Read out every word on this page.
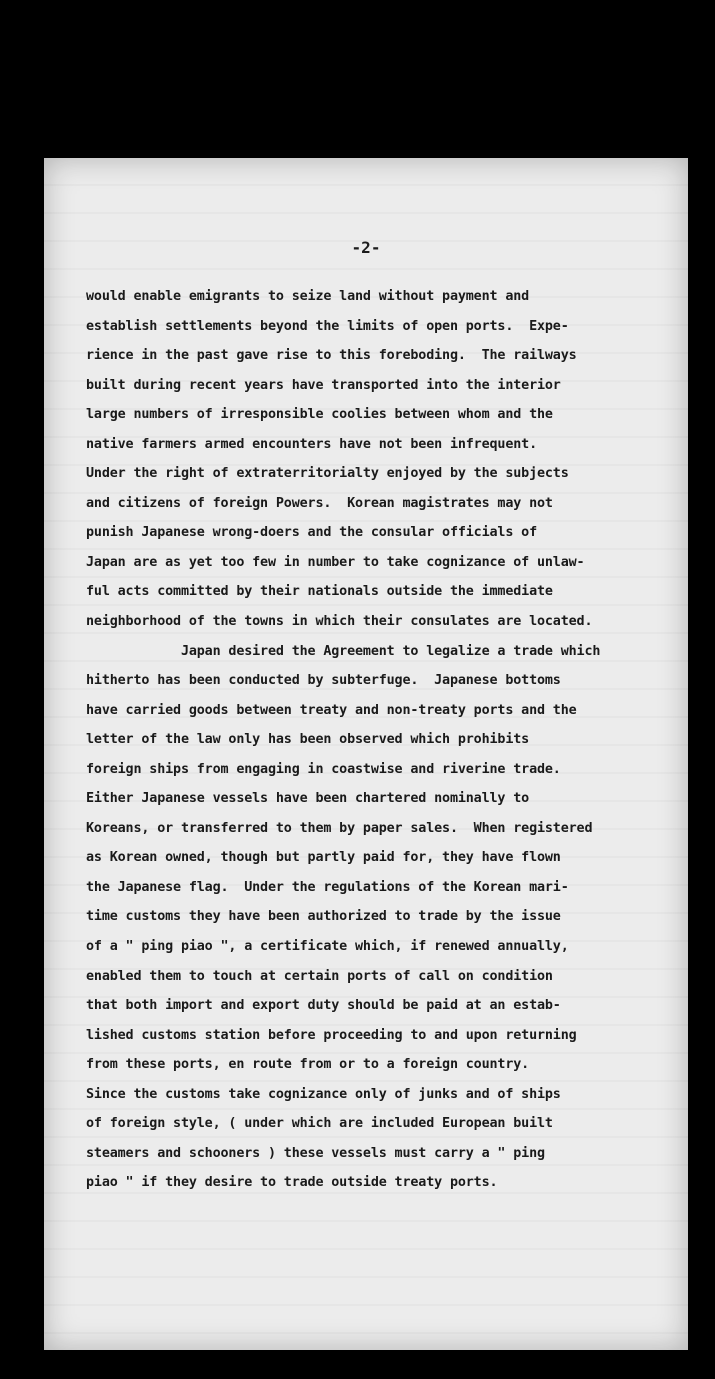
-2-
would enable emigrants to seize land without payment and
establish settlements beyond the limits of open ports.  Expe-
rience in the past gave rise to this foreboding.  The railways
built during recent years have transported into the interior
large numbers of irresponsible coolies between whom and the
native farmers armed encounters have not been infrequent.
Under the right of extraterritorialty enjoyed by the subjects
and citizens of foreign Powers.  Korean magistrates may not
punish Japanese wrong-doers and the consular officials of
Japan are as yet too few in number to take cognizance of unlaw-
ful acts committed by their nationals outside the immediate
neighborhood of the towns in which their consulates are located.
Japan desired the Agreement to legalize a trade which
hitherto has been conducted by subterfuge.  Japanese bottoms
have carried goods between treaty and non-treaty ports and the
letter of the law only has been observed which prohibits
foreign ships from engaging in coastwise and riverine trade.
Either Japanese vessels have been chartered nominally to
Koreans, or transferred to them by paper sales.  When registered
as Korean owned, though but partly paid for, they have flown
the Japanese flag.  Under the regulations of the Korean mari-
time customs they have been authorized to trade by the issue
of a " ping piao ", a certificate which, if renewed annually,
enabled them to touch at certain ports of call on condition
that both import and export duty should be paid at an estab-
lished customs station before proceeding to and upon returning
from these ports, en route from or to a foreign country.
Since the customs take cognizance only of junks and of ships
of foreign style, ( under which are included European built
steamers and schooners ) these vessels must carry a " ping
piao " if they desire to trade outside treaty ports.
